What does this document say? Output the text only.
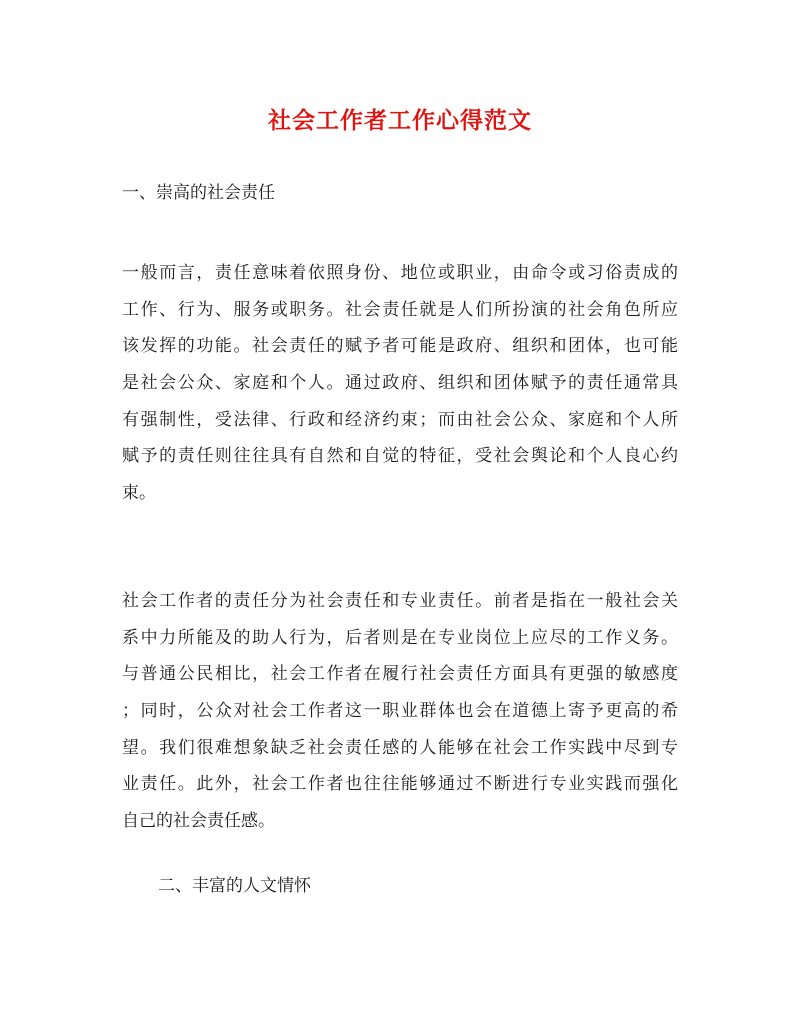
社会工作者工作心得范文

一、崇高的社会责任

一般而言，责任意味着依照身份、地位或职业，由命令或习俗责成的
工作、行为、服务或职务。社会责任就是人们所扮演的社会角色所应
该发挥的功能。社会责任的赋予者可能是政府、组织和团体，也可能
是社会公众、家庭和个人。通过政府、组织和团体赋予的责任通常具
有强制性，受法律、行政和经济约束；而由社会公众、家庭和个人所
赋予的责任则往往具有自然和自觉的特征，受社会舆论和个人良心约
束。
社会工作者的责任分为社会责任和专业责任。前者是指在一般社会关
系中力所能及的助人行为，后者则是在专业岗位上应尽的工作义务。
与普通公民相比，社会工作者在履行社会责任方面具有更强的敏感度
；同时，公众对社会工作者这一职业群体也会在道德上寄予更高的希
望。我们很难想象缺乏社会责任感的人能够在社会工作实践中尽到专
业责任。此外，社会工作者也往往能够通过不断进行专业实践而强化
自己的社会责任感。

二、丰富的人文情怀
